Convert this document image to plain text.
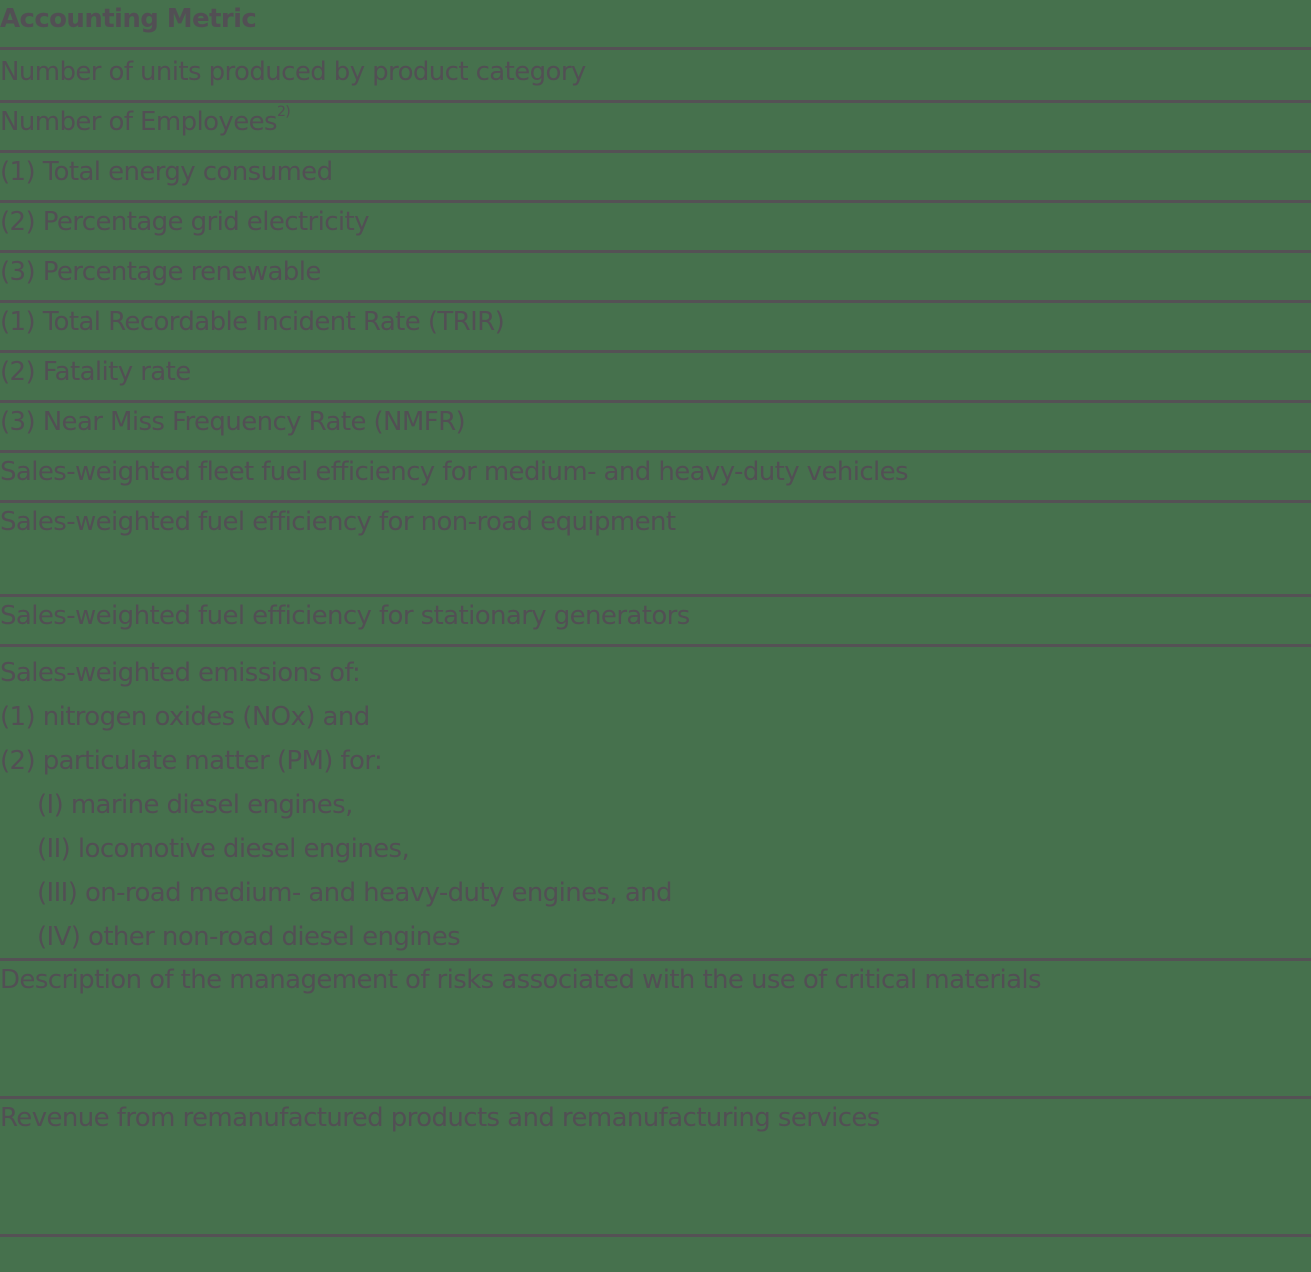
Accounting Metric
Number of units produced by product category
Number of Employees$^{2)}$
(1) Total energy consumed
(2) Percentage grid electricity
(3) Percentage renewable
(1) Total Recordable Incident Rate (TRIR)
(2) Fatality rate
(3) Near Miss Frequency Rate (NMFR)
Sales-weighted fleet fuel efficiency for medium- and heavy-duty vehicles
Sales-weighted fuel efficiency for non-road equipment
Sales-weighted fuel efficiency for stationary generators
Sales-weighted emissions of:
(1) nitrogen oxides (NOx) and
(2) particulate matter (PM) for:
(I) marine diesel engines,
(II) locomotive diesel engines,
(III) on-road medium- and heavy-duty engines, and
(IV) other non-road diesel engines
Description of the management of risks associated with the use of critical materials
Revenue from remanufactured products and remanufacturing services
